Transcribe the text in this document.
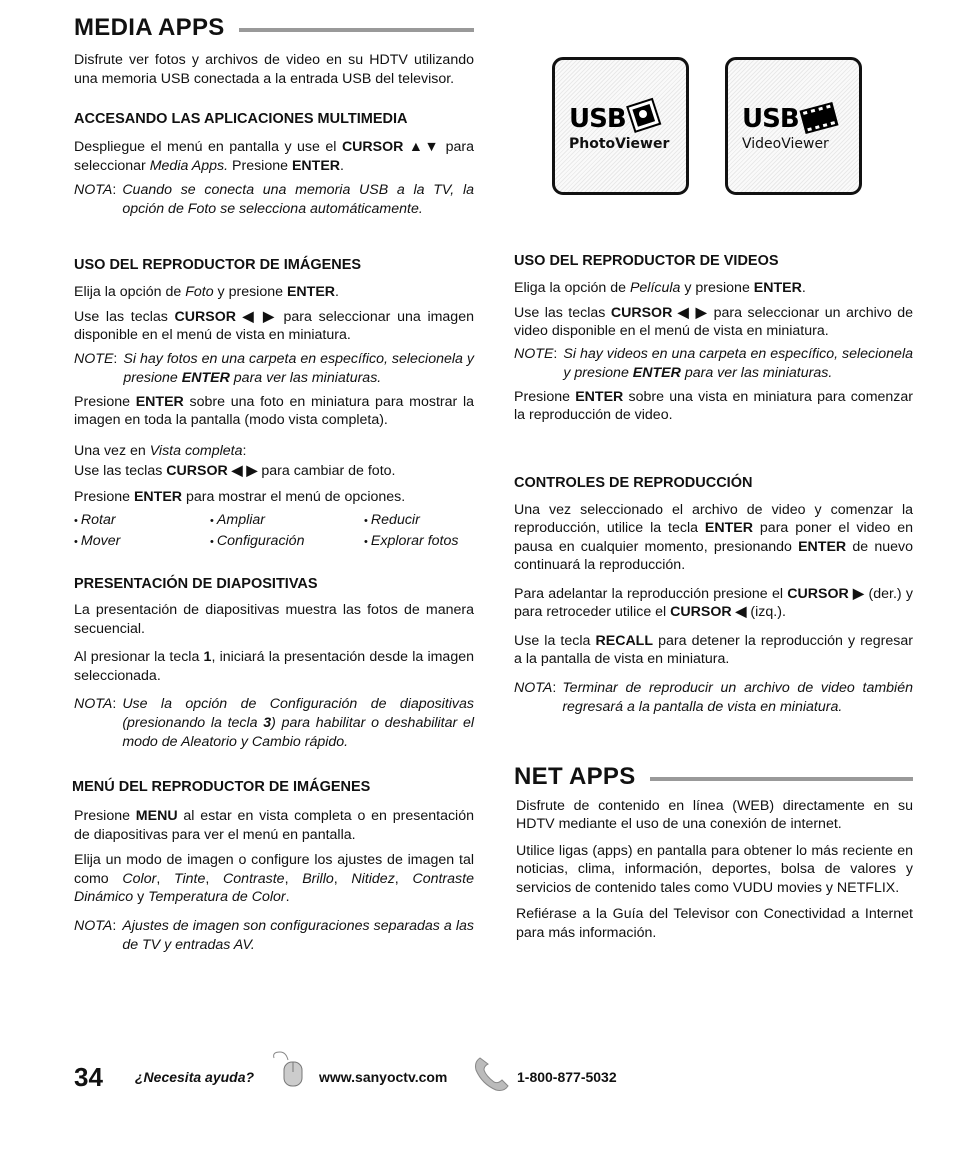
MEDIA APPS

Disfrute ver fotos y archivos de video en su HDTV utilizando una memoria USB conectada a la entrada USB del televisor.

ACCESANDO LAS APLICACIONES MULTIMEDIA

Despliegue el menú en pantalla y use el CURSOR ▲▼ para seleccionar Media Apps. Presione ENTER.

NOTA: Cuando se conecta una memoria USB a la TV, la opción de Foto se selecciona automáticamente.
USO DEL REPRODUCTOR DE IMÁGENES

Elija la opción de Foto y presione ENTER.

Use las teclas CURSOR ◀ ▶ para seleccionar una imagen disponible en el menú de vista en miniatura.

NOTE: Si hay fotos en una carpeta en específico, selecionela y presione ENTER para ver las miniaturas.

Presione ENTER sobre una foto en miniatura para mostrar la imagen en toda la pantalla (modo vista completa).

Una vez en Vista completa:

Use las teclas CURSOR ◀ ▶ para cambiar de foto.

Presione ENTER para mostrar el menú de opciones.

• Rotar	• Ampliar	• Reducir
• Mover	• Configuración	• Explorar fotos
PRESENTACIÓN DE DIAPOSITIVAS

La presentación de diapositivas muestra las fotos de manera secuencial.

Al presionar la tecla 1, iniciará la presentación desde la imagen seleccionada.

NOTA: Use la opción de Configuración de diapositivas (presionando la tecla 3) para habilitar o deshabilitar el modo de Aleatorio y Cambio rápido.
MENÚ DEL REPRODUCTOR DE IMÁGENES

Presione MENU al estar en vista completa o en presentación de diapositivas para ver el menú en pantalla.

Elija un modo de imagen o configure los ajustes de imagen tal como Color, Tinte, Contraste, Brillo, Nitidez, Contraste Dinámico y Temperatura de Color.

NOTA: Ajustes de imagen son configuraciones separadas a las de TV y entradas AV.
USB
PhotoViewer
USB
VideoViewer
USO DEL REPRODUCTOR DE VIDEOS

Eliga la opción de Película y presione ENTER.

Use las teclas CURSOR ◀ ▶ para seleccionar un archivo de video disponible en el menú de vista en miniatura.

NOTE: Si hay videos en una carpeta en específico, selecionela y presione ENTER para ver las miniaturas.

Presione ENTER sobre una vista en miniatura para comenzar la reproducción de video.

CONTROLES DE REPRODUCCIÓN

Una vez seleccionado el archivo de video y comenzar la reproducción, utilice la tecla ENTER para poner el video en pausa en cualquier momento, presionando ENTER de nuevo continuará la reproducción.

Para adelantar la reproducción presione el CURSOR ▶ (der.) y para retroceder utilice el CURSOR ◀ (izq.).

Use la tecla RECALL para detener la reproducción y regresar a la pantalla de vista en miniatura.

NOTA: Terminar de reproducir un archivo de video también regresará a la pantalla de vista en miniatura.
NET APPS

Disfrute de contenido en línea (WEB) directamente en su HDTV mediante el uso de una conexión de internet.

Utilice ligas (apps) en pantalla para obtener lo más reciente en noticias, clima, información, deportes, bolsa de valores y servicios de contenido tales como VUDU movies y NETFLIX.

Refiérase a la Guía del Televisor con Conectividad a Internet para más información.

34 ¿Necesita ayuda?	www.sanyoctv.com	1-800-877-5032
